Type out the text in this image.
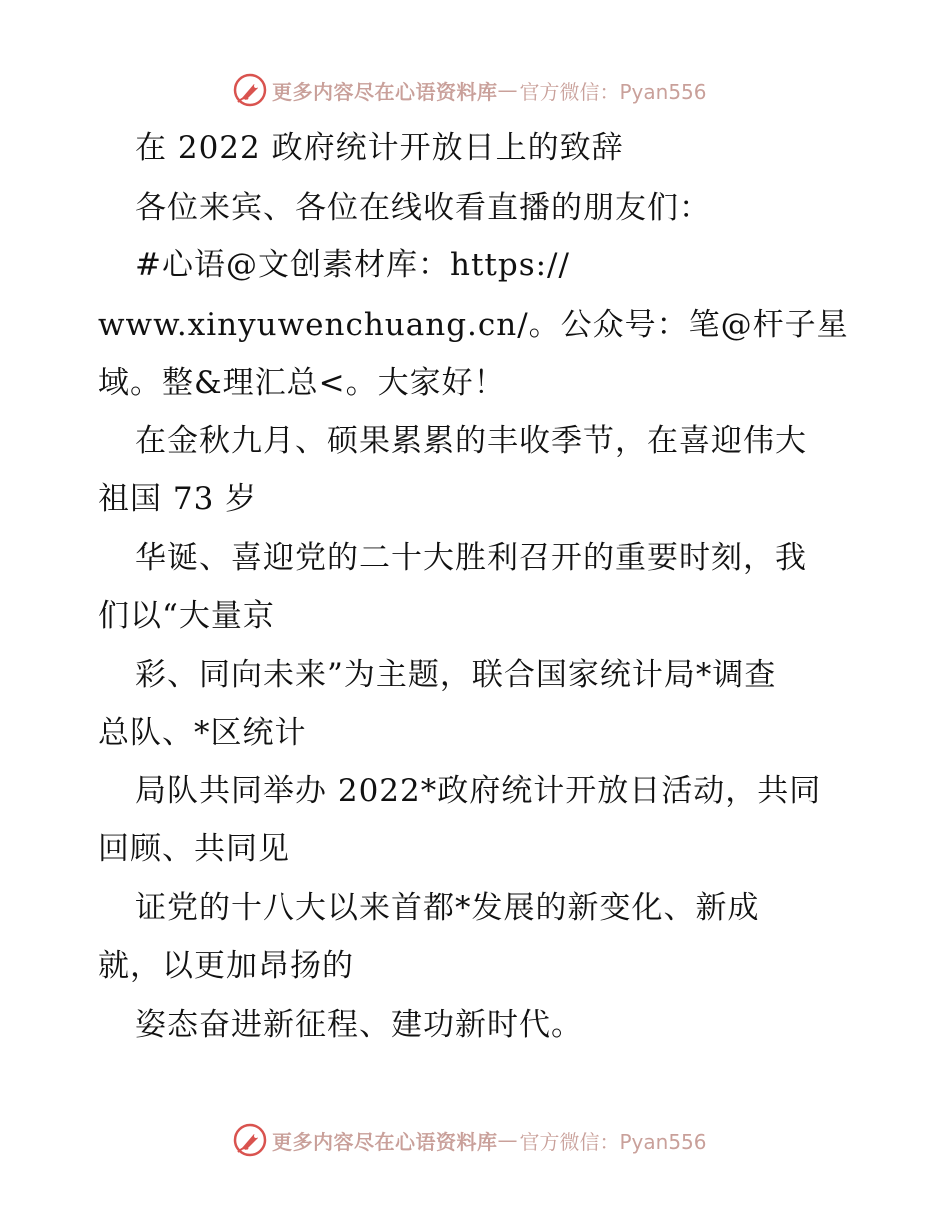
更多内容尽在心语资料库 — 官方微信：Pyan556
在 2022 政府统计开放日上的致辞
各位来宾、各位在线收看直播的朋友们：
#心语@文创素材库：https://
www.xinyuwenchuang.cn/。公众号：笔@杆子星
域。整&理汇总<。大家好！
在金秋九月、硕果累累的丰收季节，在喜迎伟大
祖国 73 岁
华诞、喜迎党的二十大胜利召开的重要时刻，我
们以“大量京
彩、同向未来”为主题，联合国家统计局*调查
总队、*区统计
局队共同举办 2022*政府统计开放日活动，共同
回顾、共同见
证党的十八大以来首都*发展的新变化、新成
就，以更加昂扬的
姿态奋进新征程、建功新时代。
更多内容尽在心语资料库 — 官方微信：Pyan556
